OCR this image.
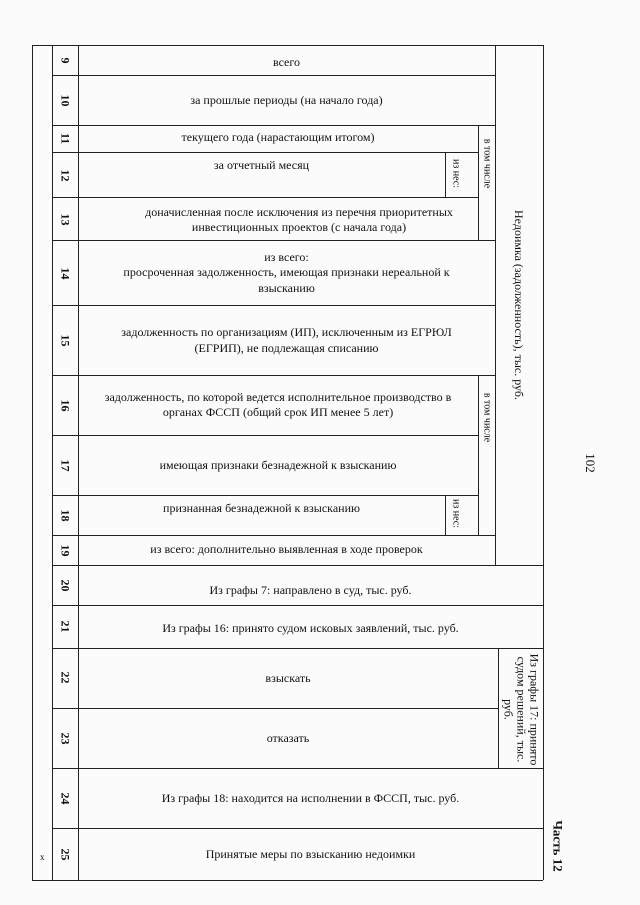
9
10
11
12
13
14
15
16
17
18
19
20
21
22
23
24
25
всего
за прошлые периоды (на начало года)
текущего года (нарастающим итогом)
за отчетный месяц
доначисленная после исключения из перечня приоритетных
инвестиционных проектов (с начала года)
из всего:
просроченная задолженность, имеющая признаки нереальной к
взысканию
задолженность по организациям (ИП), исключенным из ЕГРЮЛ
(ЕГРИП), не подлежащая списанию
задолженность, по которой ведется исполнительное производство в
органах ФССП (общий срок ИП менее 5 лет)
имеющая признаки безнадежной к взысканию
признанная безнадежной к взысканию
из всего: дополнительно выявленная в ходе проверок
Из графы 7: направлено в суд, тыс. руб.
Из графы 16: принято судом исковых заявлений, тыс. руб.
взыскать
отказать
Из графы 18: находится на исполнении в ФССП, тыс. руб.
Принятые меры по взысканию недоимки
Недоимка (задолженность), тыс. руб.
в том числе
в том числе
из нес:
из нес:
Из графы 17: принято судом решений, тыс. руб.
102
Часть 12
x
